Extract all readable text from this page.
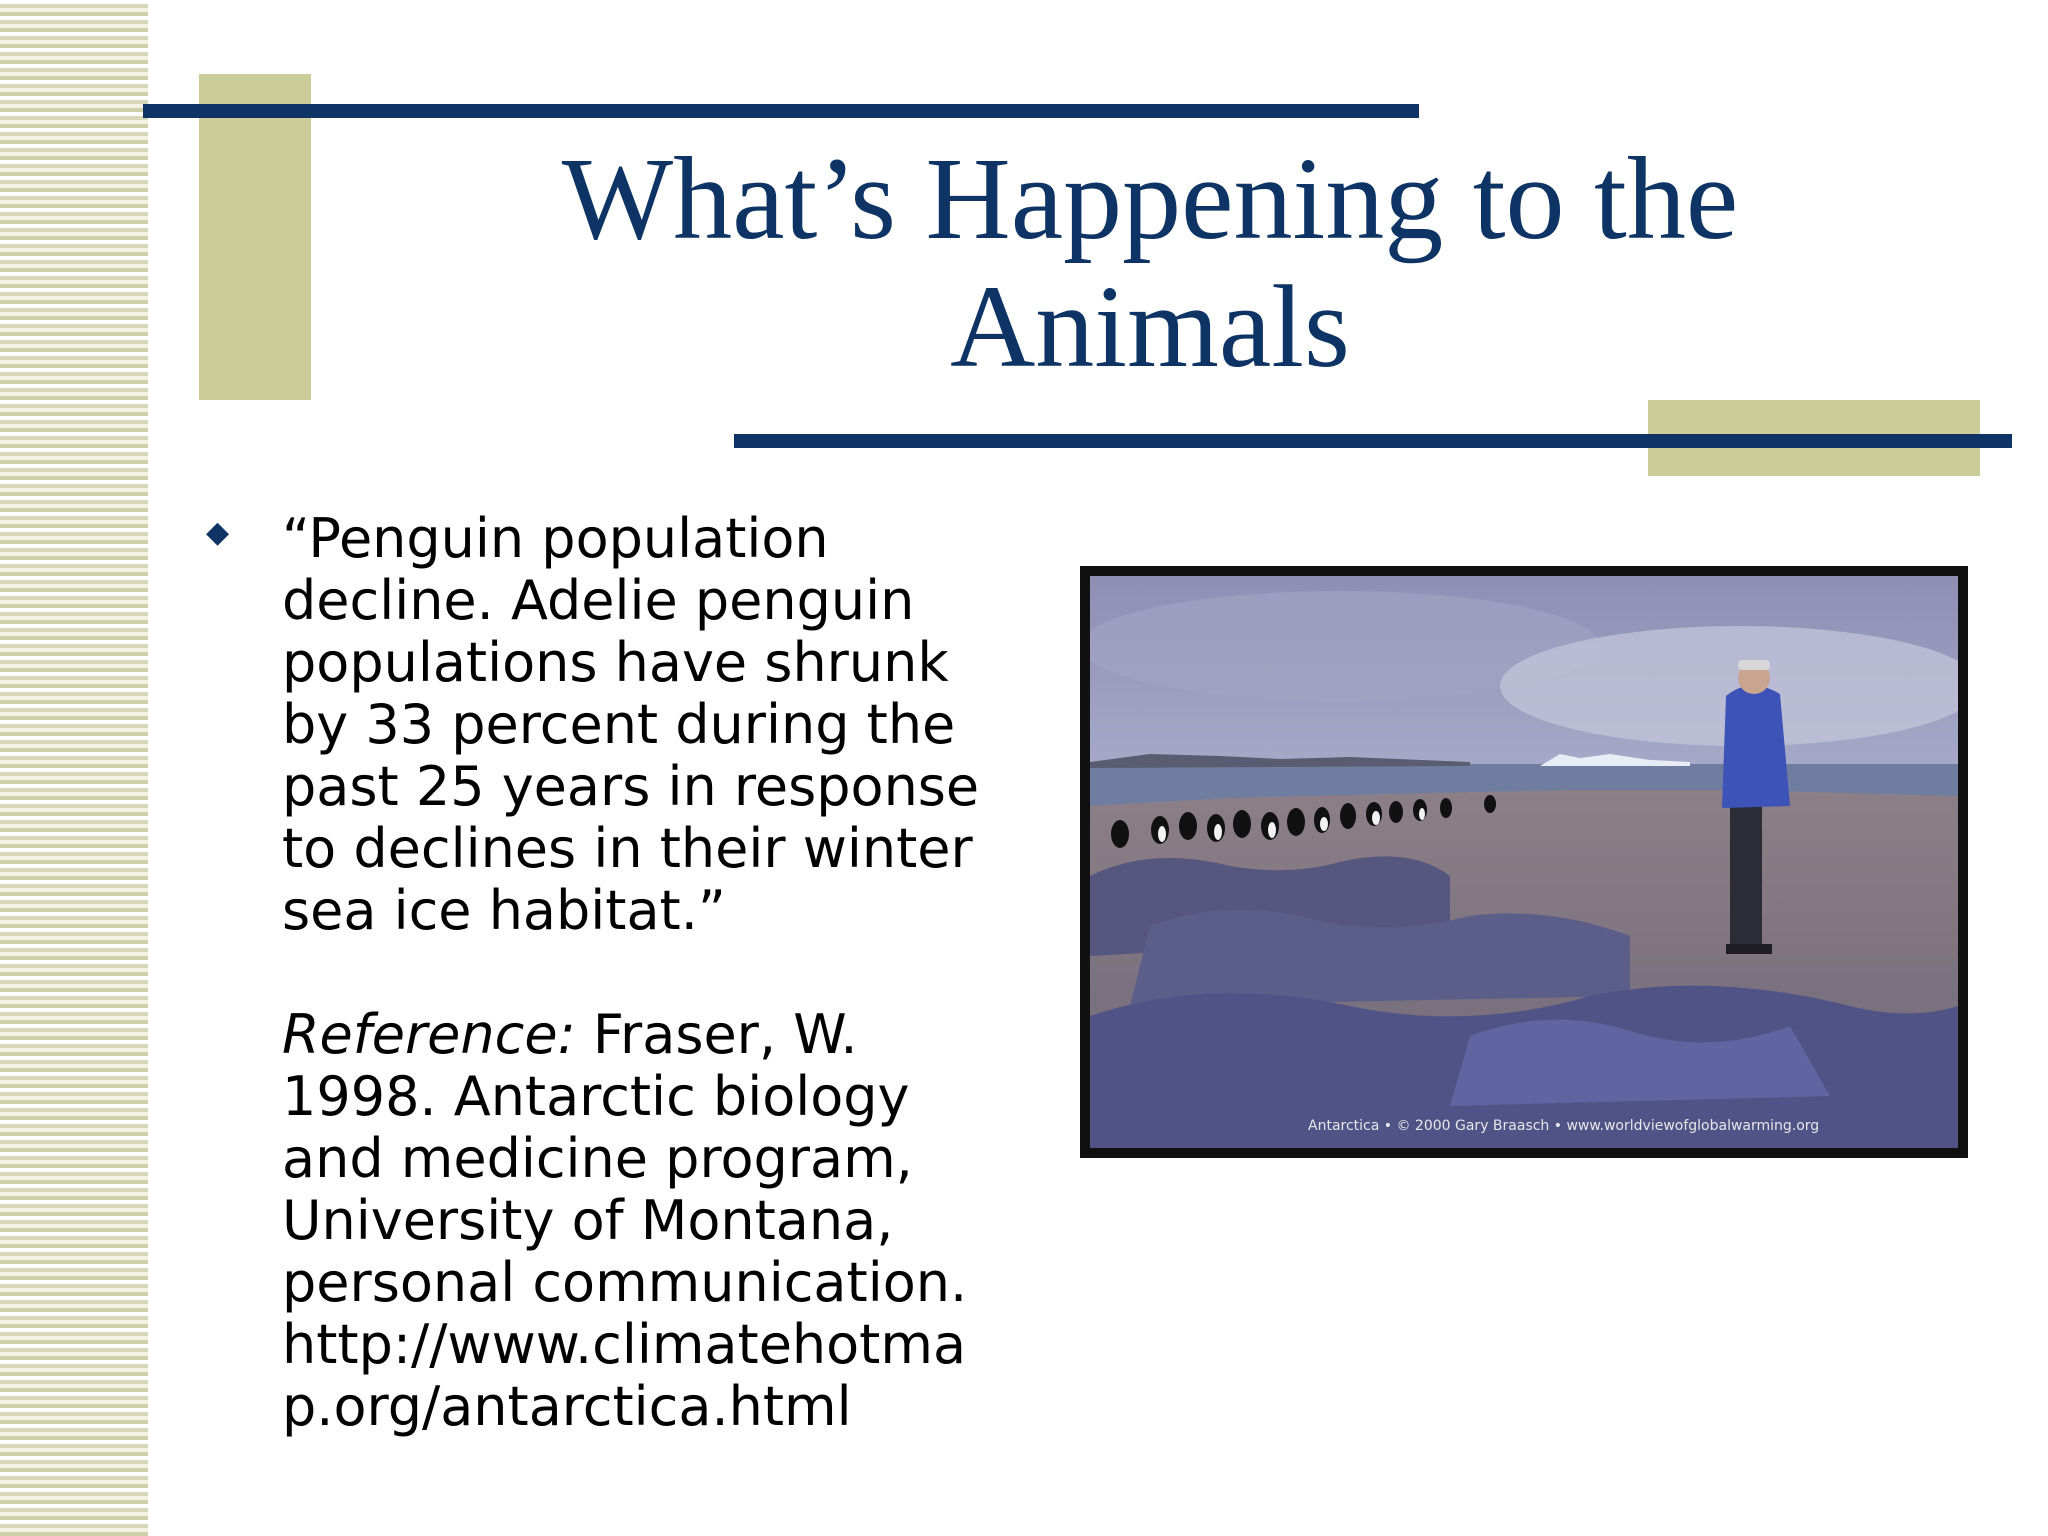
What’s Happening to the
Animals
◆ “Penguin population
decline. Adelie penguin
populations have shrunk
by 33 percent during the
past 25 years in response
to declines in their winter
sea ice habitat.”
Reference: Fraser, W.
1998. Antarctic biology
and medicine program,
University of Montana,
personal communication.
http://www.climatehotma
p.org/antarctica.html
Antarctica • © 2000 Gary Braasch • www.worldviewofglobalwarming.org
